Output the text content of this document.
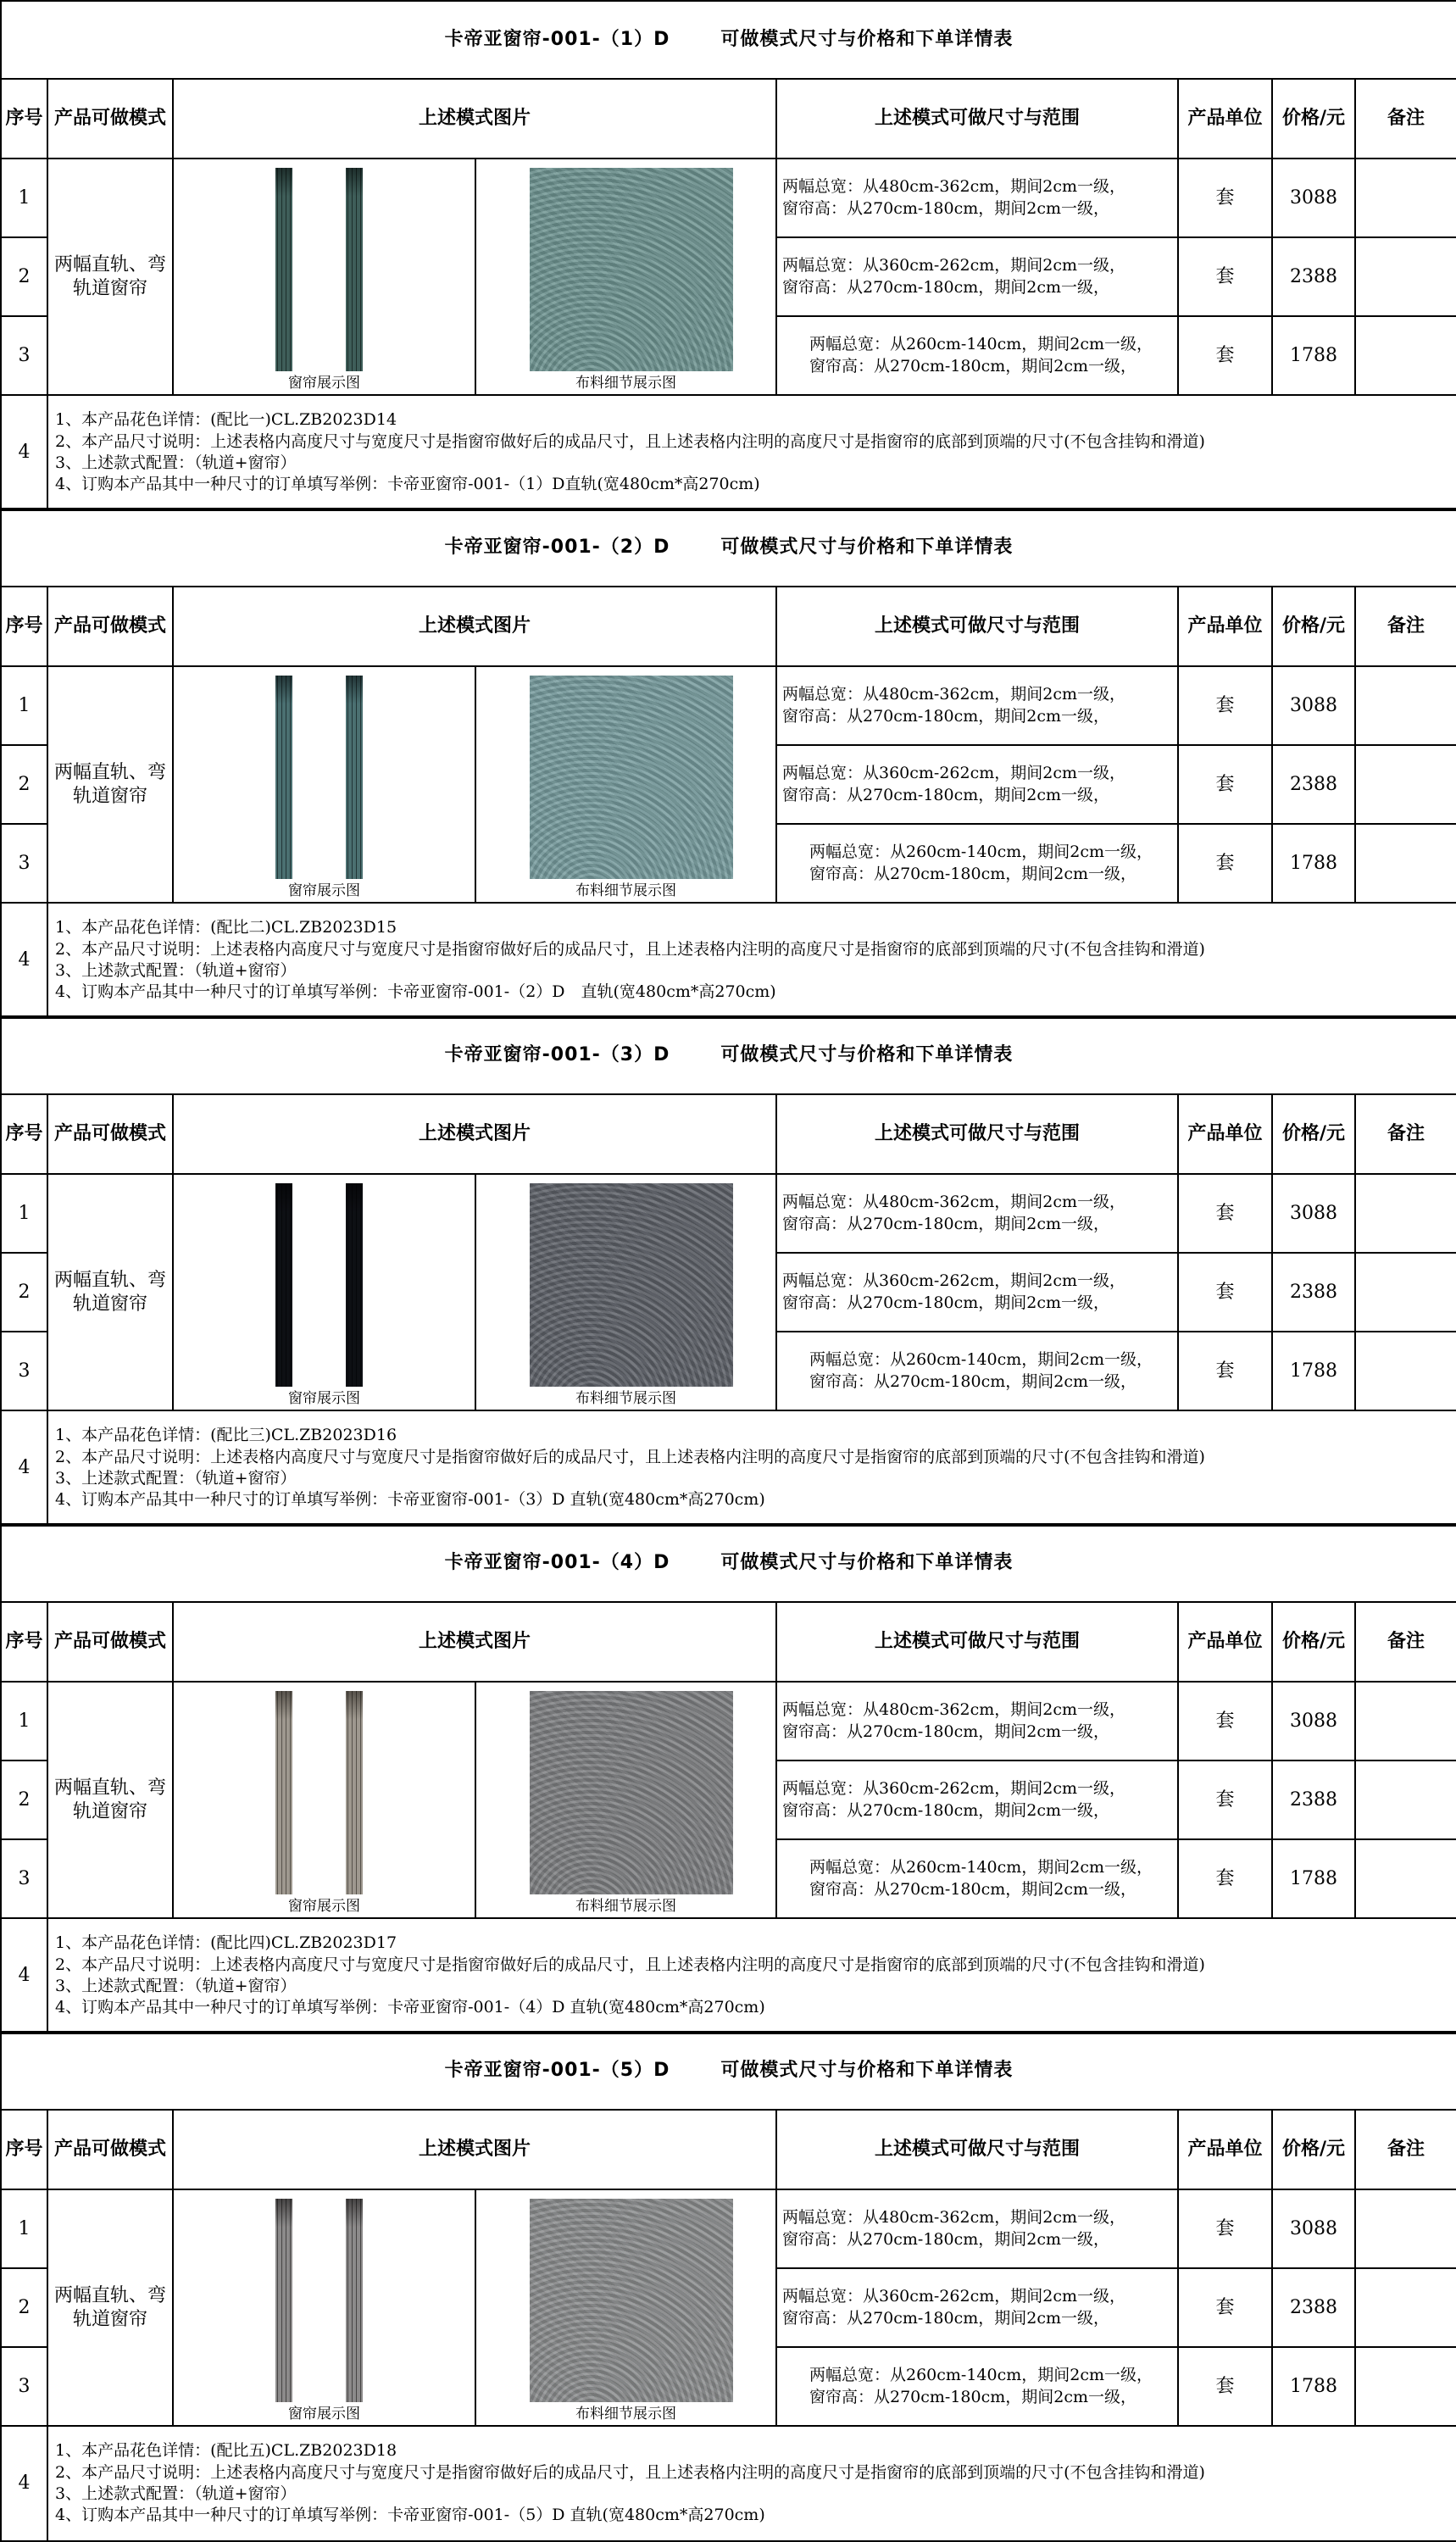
卡帝亚窗帘-001-（1）D 可做模式尺寸与价格和下单详情表							
序号	产品可做模式	上述模式图片		上述模式可做尺寸与范围	产品单位	价格/元	备注
1	两幅直轨、弯轨道窗帘	窗帘展示图	布料细节展示图	两幅总宽：从480cm-362cm，期间2cm一级，
窗帘高：从270cm-180cm，期间2cm一级，	套	3088	
2				两幅总宽：从360cm-262cm，期间2cm一级，
窗帘高：从270cm-180cm，期间2cm一级，	套	2388	
3				两幅总宽：从260cm-140cm，期间2cm一级，
窗帘高：从270cm-180cm，期间2cm一级，	套	1788	
4	1、本产品花色详情：(配比一)CL.ZB2023D14
2、本产品尺寸说明：上述表格内高度尺寸与宽度尺寸是指窗帘做好后的成品尺寸，且上述表格内注明的高度尺寸是指窗帘的底部到顶端的尺寸(不包含挂钩和滑道)
3、上述款式配置：（轨道+窗帘）
4、订购本产品其中一种尺寸的订单填写举例：卡帝亚窗帘-001-（1）D直轨(宽480cm*高270cm)						
卡帝亚窗帘-001-（2）D 可做模式尺寸与价格和下单详情表							
序号	产品可做模式	上述模式图片		上述模式可做尺寸与范围	产品单位	价格/元	备注
1	两幅直轨、弯轨道窗帘	窗帘展示图	布料细节展示图	两幅总宽：从480cm-362cm，期间2cm一级，
窗帘高：从270cm-180cm，期间2cm一级，	套	3088	
2				两幅总宽：从360cm-262cm，期间2cm一级，
窗帘高：从270cm-180cm，期间2cm一级，	套	2388	
3				两幅总宽：从260cm-140cm，期间2cm一级，
窗帘高：从270cm-180cm，期间2cm一级，	套	1788	
4	1、本产品花色详情：(配比二)CL.ZB2023D15
2、本产品尺寸说明：上述表格内高度尺寸与宽度尺寸是指窗帘做好后的成品尺寸，且上述表格内注明的高度尺寸是指窗帘的底部到顶端的尺寸(不包含挂钩和滑道)
3、上述款式配置：（轨道+窗帘）
4、订购本产品其中一种尺寸的订单填写举例：卡帝亚窗帘-001-（2）D　直轨(宽480cm*高270cm)						
卡帝亚窗帘-001-（3）D 可做模式尺寸与价格和下单详情表							
序号	产品可做模式	上述模式图片		上述模式可做尺寸与范围	产品单位	价格/元	备注
1	两幅直轨、弯轨道窗帘	窗帘展示图	布料细节展示图	两幅总宽：从480cm-362cm，期间2cm一级，
窗帘高：从270cm-180cm，期间2cm一级，	套	3088	
2				两幅总宽：从360cm-262cm，期间2cm一级，
窗帘高：从270cm-180cm，期间2cm一级，	套	2388	
3				两幅总宽：从260cm-140cm，期间2cm一级，
窗帘高：从270cm-180cm，期间2cm一级，	套	1788	
4	1、本产品花色详情：(配比三)CL.ZB2023D16
2、本产品尺寸说明：上述表格内高度尺寸与宽度尺寸是指窗帘做好后的成品尺寸，且上述表格内注明的高度尺寸是指窗帘的底部到顶端的尺寸(不包含挂钩和滑道)
3、上述款式配置：（轨道+窗帘）
4、订购本产品其中一种尺寸的订单填写举例：卡帝亚窗帘-001-（3）D 直轨(宽480cm*高270cm)						
卡帝亚窗帘-001-（4）D 可做模式尺寸与价格和下单详情表							
序号	产品可做模式	上述模式图片		上述模式可做尺寸与范围	产品单位	价格/元	备注
1	两幅直轨、弯轨道窗帘	窗帘展示图	布料细节展示图	两幅总宽：从480cm-362cm，期间2cm一级，
窗帘高：从270cm-180cm，期间2cm一级，	套	3088	
2				两幅总宽：从360cm-262cm，期间2cm一级，
窗帘高：从270cm-180cm，期间2cm一级，	套	2388	
3				两幅总宽：从260cm-140cm，期间2cm一级，
窗帘高：从270cm-180cm，期间2cm一级，	套	1788	
4	1、本产品花色详情：(配比四)CL.ZB2023D17
2、本产品尺寸说明：上述表格内高度尺寸与宽度尺寸是指窗帘做好后的成品尺寸，且上述表格内注明的高度尺寸是指窗帘的底部到顶端的尺寸(不包含挂钩和滑道)
3、上述款式配置：（轨道+窗帘）
4、订购本产品其中一种尺寸的订单填写举例：卡帝亚窗帘-001-（4）D 直轨(宽480cm*高270cm)						
卡帝亚窗帘-001-（5）D 可做模式尺寸与价格和下单详情表							
序号	产品可做模式	上述模式图片		上述模式可做尺寸与范围	产品单位	价格/元	备注
1	两幅直轨、弯轨道窗帘	窗帘展示图	布料细节展示图	两幅总宽：从480cm-362cm，期间2cm一级，
窗帘高：从270cm-180cm，期间2cm一级，	套	3088	
2				两幅总宽：从360cm-262cm，期间2cm一级，
窗帘高：从270cm-180cm，期间2cm一级，	套	2388	
3				两幅总宽：从260cm-140cm，期间2cm一级，
窗帘高：从270cm-180cm，期间2cm一级，	套	1788	
4	1、本产品花色详情：(配比五)CL.ZB2023D18
2、本产品尺寸说明：上述表格内高度尺寸与宽度尺寸是指窗帘做好后的成品尺寸，且上述表格内注明的高度尺寸是指窗帘的底部到顶端的尺寸(不包含挂钩和滑道)
3、上述款式配置：（轨道+窗帘）
4、订购本产品其中一种尺寸的订单填写举例：卡帝亚窗帘-001-（5）D 直轨(宽480cm*高270cm)						
